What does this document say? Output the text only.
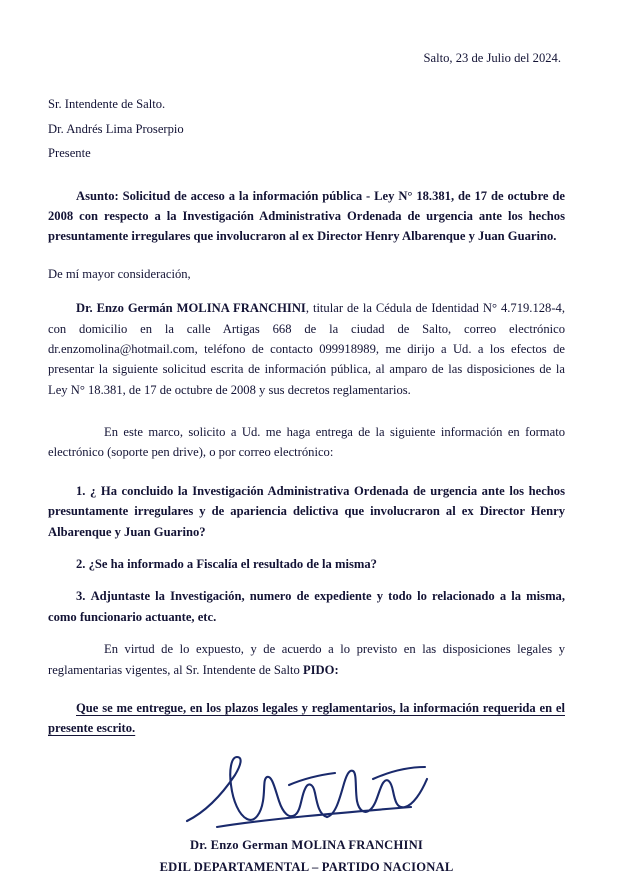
Salto, 23 de Julio del 2024.

Sr. Intendente de Salto.

Dr. Andrés Lima Proserpio

Presente

Asunto: Solicitud de acceso a la información pública - Ley N° 18.381, de 17 de octubre de 2008 con respecto a la Investigación Administrativa Ordenada de urgencia ante los hechos presuntamente irregulares que involucraron al ex Director Henry Albarenque y Juan Guarino.

De mí mayor consideración,

Dr. Enzo Germán MOLINA FRANCHINI, titular de la Cédula de Identidad N° 4.719.128-4, con domicilio en la calle Artigas 668 de la ciudad de Salto, correo electrónico dr.enzomolina@hotmail.com, teléfono de contacto 099918989, me dirijo a Ud. a los efectos de presentar la siguiente solicitud escrita de información pública, al amparo de las disposiciones de la Ley N° 18.381, de 17 de octubre de 2008 y sus decretos reglamentarios.

En este marco, solicito a Ud. me haga entrega de la siguiente información en formato electrónico (soporte pen drive), o por correo electrónico:

1. ¿ Ha concluido la Investigación Administrativa Ordenada de urgencia ante los hechos presuntamente irregulares y de apariencia delictiva que involucraron al ex Director Henry Albarenque y Juan Guarino?

2. ¿Se ha informado a Fiscalía el resultado de la misma?

3. Adjuntaste la Investigación, numero de expediente y todo lo relacionado a la misma, como funcionario actuante, etc.

En virtud de lo expuesto, y de acuerdo a lo previsto en las disposiciones legales y reglamentarias vigentes, al Sr. Intendente de Salto PIDO:

Que se me entregue, en los plazos legales y reglamentarios, la información requerida en el presente escrito.

Dr. Enzo German MOLINA FRANCHINI

EDIL DEPARTAMENTAL – PARTIDO NACIONAL
